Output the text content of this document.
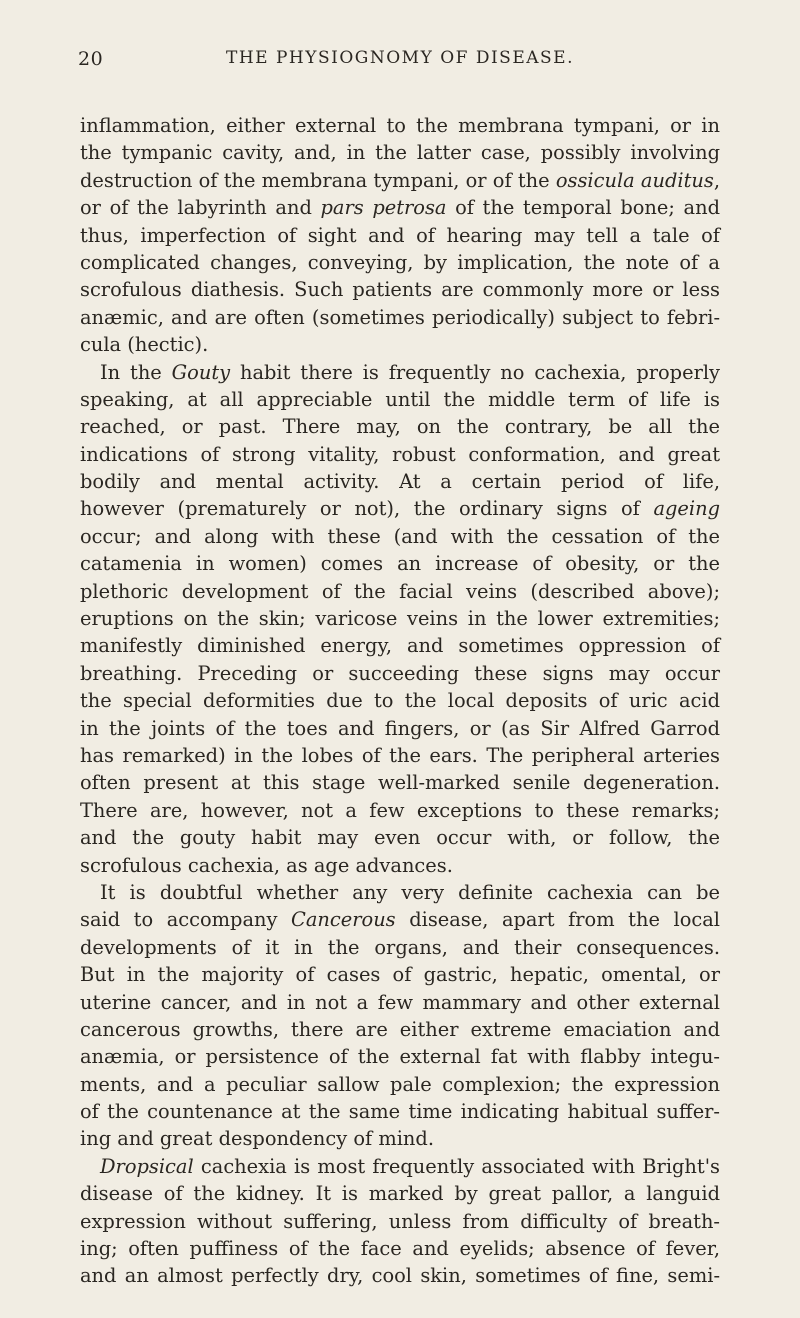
20	THE PHYSIOGNOMY OF DISEASE.
inflammation, either external to the membrana tympani, or in
the tympanic cavity, and, in the latter case, possibly involving
destruction of the membrana tympani, or of the ossicula auditus,
or of the labyrinth and pars petrosa of the temporal bone; and
thus, imperfection of sight and of hearing may tell a tale of
complicated changes, conveying, by implication, the note of a
scrofulous diathesis. Such patients are commonly more or less
anæmic, and are often (sometimes periodically) subject to febri-
cula (hectic).
In the Gouty habit there is frequently no cachexia, properly
speaking, at all appreciable until the middle term of life is
reached, or past. There may, on the contrary, be all the
indications of strong vitality, robust conformation, and great
bodily and mental activity. At a certain period of life,
however (prematurely or not), the ordinary signs of ageing
occur; and along with these (and with the cessation of the
catamenia in women) comes an increase of obesity, or the
plethoric development of the facial veins (described above);
eruptions on the skin; varicose veins in the lower extremities;
manifestly diminished energy, and sometimes oppression of
breathing. Preceding or succeeding these signs may occur
the special deformities due to the local deposits of uric acid
in the joints of the toes and fingers, or (as Sir Alfred Garrod
has remarked) in the lobes of the ears. The peripheral arteries
often present at this stage well-marked senile degeneration.
There are, however, not a few exceptions to these remarks;
and the gouty habit may even occur with, or follow, the
scrofulous cachexia, as age advances.
It is doubtful whether any very definite cachexia can be
said to accompany Cancerous disease, apart from the local
developments of it in the organs, and their consequences.
But in the majority of cases of gastric, hepatic, omental, or
uterine cancer, and in not a few mammary and other external
cancerous growths, there are either extreme emaciation and
anæmia, or persistence of the external fat with flabby integu-
ments, and a peculiar sallow pale complexion; the expression
of the countenance at the same time indicating habitual suffer-
ing and great despondency of mind.
Dropsical cachexia is most frequently associated with Bright's
disease of the kidney. It is marked by great pallor, a languid
expression without suffering, unless from difficulty of breath-
ing; often puffiness of the face and eyelids; absence of fever,
and an almost perfectly dry, cool skin, sometimes of fine, semi-
